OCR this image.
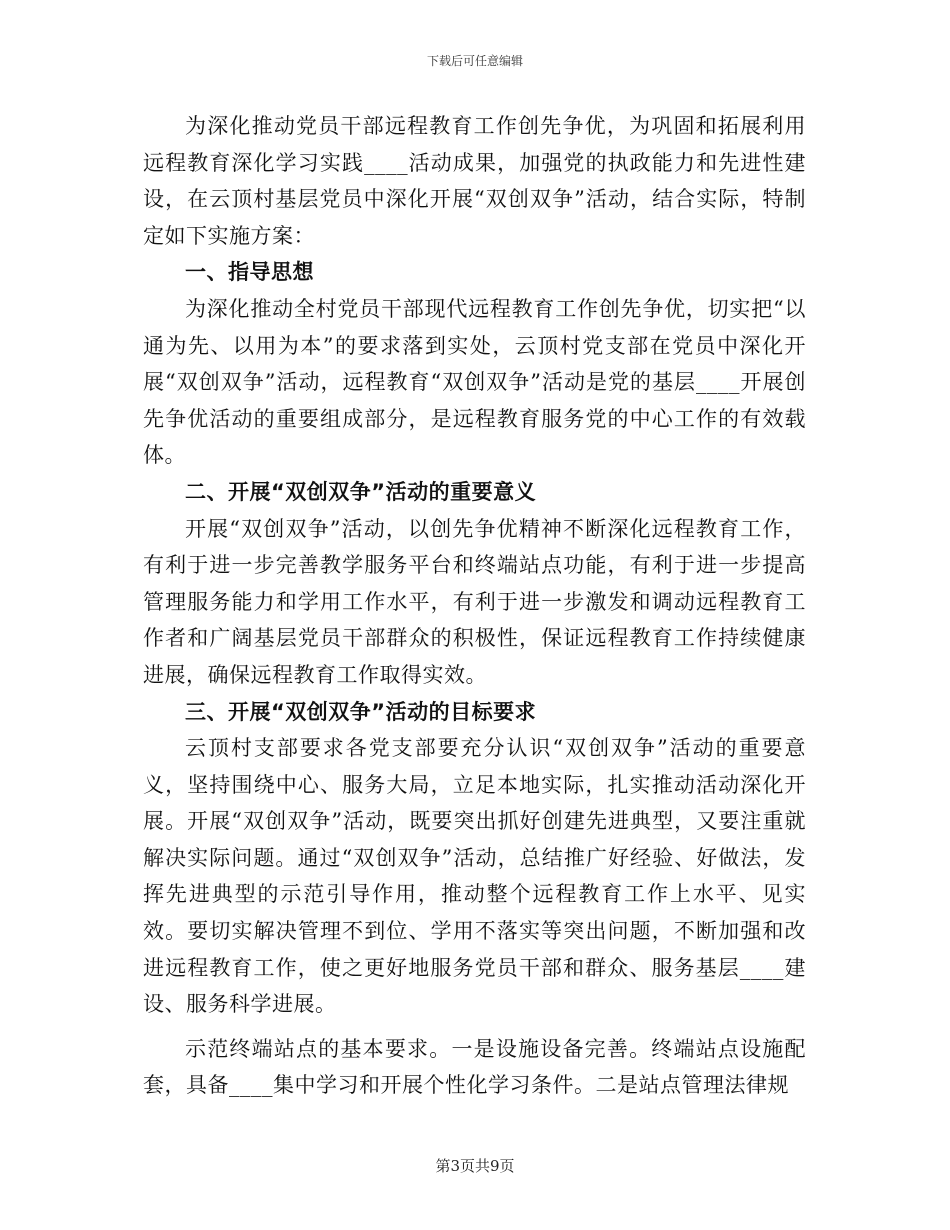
下载后可任意编辑

为深化推动党员干部远程教育工作创先争优，为巩固和拓展利用远程教育深化学习实践____活动成果，加强党的执政能力和先进性建设，在云顶村基层党员中深化开展“双创双争”活动，结合实际，特制定如下实施方案：

一、指导思想

为深化推动全村党员干部现代远程教育工作创先争优，切实把“以通为先、以用为本”的要求落到实处，云顶村党支部在党员中深化开展“双创双争”活动，远程教育“双创双争”活动是党的基层____开展创先争优活动的重要组成部分，是远程教育服务党的中心工作的有效载体。

二、开展“双创双争”活动的重要意义

开展“双创双争”活动，以创先争优精神不断深化远程教育工作，有利于进一步完善教学服务平台和终端站点功能，有利于进一步提高管理服务能力和学用工作水平，有利于进一步激发和调动远程教育工作者和广阔基层党员干部群众的积极性，保证远程教育工作持续健康进展，确保远程教育工作取得实效。

三、开展“双创双争”活动的目标要求

云顶村支部要求各党支部要充分认识“双创双争”活动的重要意义，坚持围绕中心、服务大局，立足本地实际，扎实推动活动深化开展。开展“双创双争”活动，既要突出抓好创建先进典型，又要注重就解决实际问题。通过“双创双争”活动，总结推广好经验、好做法，发挥先进典型的示范引导作用，推动整个远程教育工作上水平、见实效。要切实解决管理不到位、学用不落实等突出问题，不断加强和改进远程教育工作，使之更好地服务党员干部和群众、服务基层____建设、服务科学进展。

示范终端站点的基本要求。一是设施设备完善。终端站点设施配套，具备____集中学习和开展个性化学习条件。二是站点管理法律规

第3页共9页
